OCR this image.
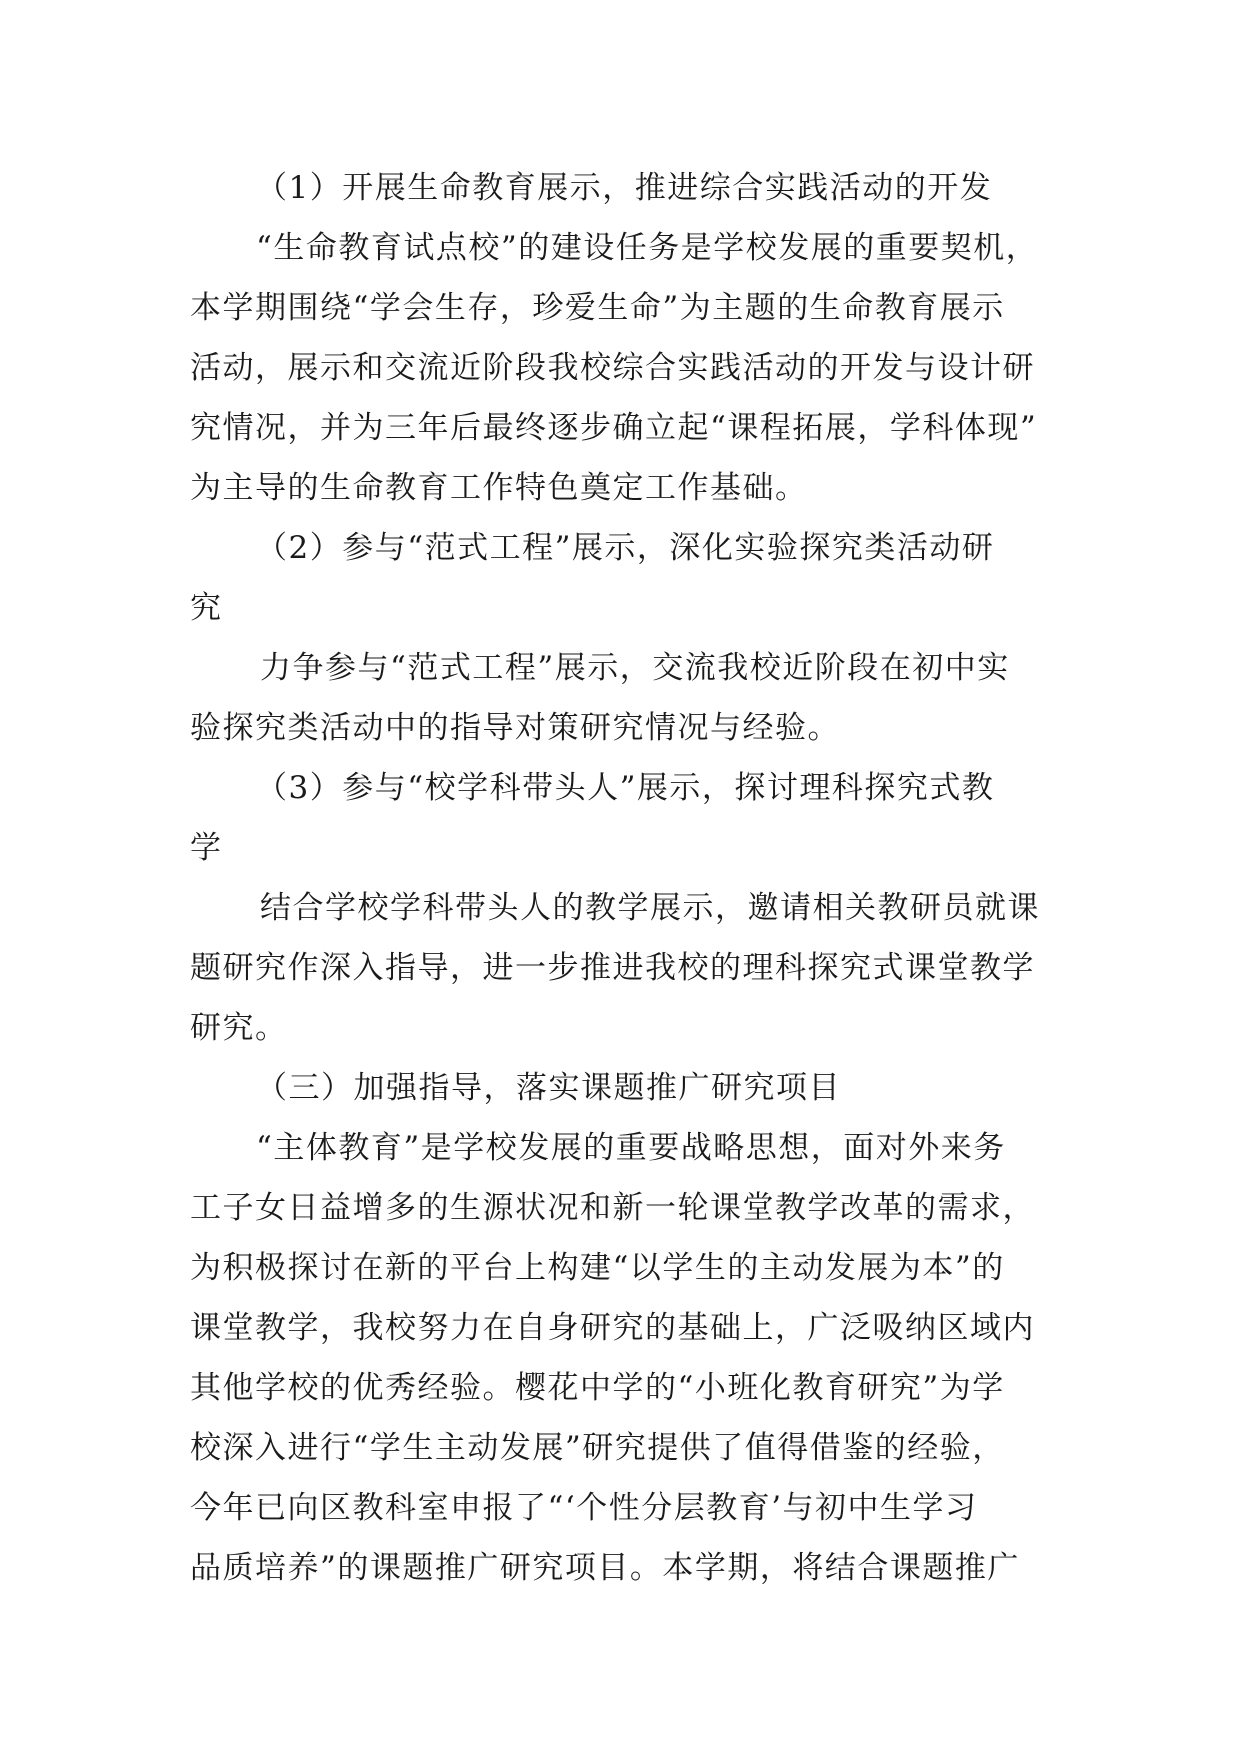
（1）开展生命教育展示，推进综合实践活动的开发
“生命教育试点校”的建设任务是学校发展的重要契机，
本学期围绕“学会生存，珍爱生命”为主题的生命教育展示
活动，展示和交流近阶段我校综合实践活动的开发与设计研
究情况，并为三年后最终逐步确立起“课程拓展，学科体现”
为主导的生命教育工作特色奠定工作基础。
（2）参与“范式工程”展示，深化实验探究类活动研
究
力争参与“范式工程”展示，交流我校近阶段在初中实
验探究类活动中的指导对策研究情况与经验。
（3）参与“校学科带头人”展示，探讨理科探究式教
学
结合学校学科带头人的教学展示，邀请相关教研员就课
题研究作深入指导，进一步推进我校的理科探究式课堂教学
研究。
（三）加强指导，落实课题推广研究项目
“主体教育”是学校发展的重要战略思想，面对外来务
工子女日益增多的生源状况和新一轮课堂教学改革的需求，
为积极探讨在新的平台上构建“以学生的主动发展为本”的
课堂教学，我校努力在自身研究的基础上，广泛吸纳区域内
其他学校的优秀经验。樱花中学的“小班化教育研究”为学
校深入进行“学生主动发展”研究提供了值得借鉴的经验，
今年已向区教科室申报了“‘个性分层教育’与初中生学习
品质培养”的课题推广研究项目。本学期，将结合课题推广
